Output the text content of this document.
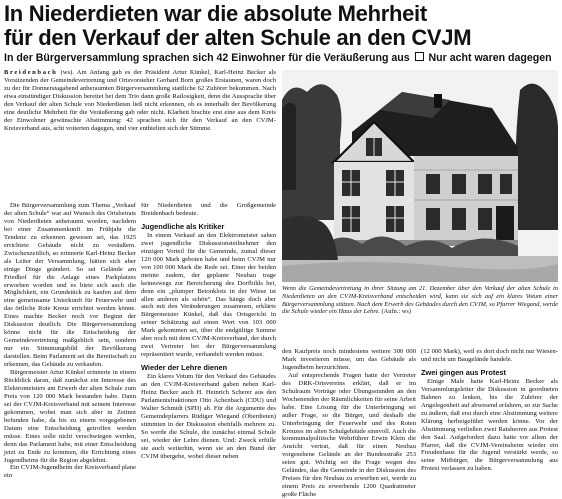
In Niederdieten war die absolute Mehrheit
für den Verkauf der alten Schule an den CVJM

In der Bürgerversammlung sprachen sich 42 Einwohner für die Veräußerung aus Nur acht waren dagegen

Breidenbach (ws). Am Anfang gab es der Präsident Artur Künkel, Karl-Heinz Becker als Vorsitzenden der Gemeindevertretung und Ortsvorsteher Gerhard Born großes Erstaunen, waren doch zu der für Donnerstagabend anberaumten Bürgerversammlung stattliche 62 Zuhörer bekommen. Nach etwa einstündiger Diskussion bereitet bei dem Trio dann große Ratlosigkeit, denn die Aussprache über den Verkauf der alten Schule von Niederdieten ließ nicht erkennen, ob es innerhalb der Bevölkerung eine deutliche Mehrheit für die Veräußerung gab oder nicht. Klarheit brachte erst eine aus dem Kreis der Einwohner gewünschte Abstimmung: 42 sprachen sich für den Verkauf an den CVJM-Kreisverband aus, acht votierten dagegen, und vier enthielten sich der Stimme.

Die Bürgerversammlung zum Thema „Verkauf der alten Schule“ war auf Wunsch des Ortsbeirats von Niederdieten anberaumt worden, nachdem bei einer Zusammenkunft im Frühjahr die Tendenz zu erkennen gewesen sei, das 1925 errichtete Gebäude nicht zu veräußern. Zwischenzeitlich, so erinnerte Karl-Heinz Becker als Leiter der Versammlung, hätten sich aber einige Dinge geändert. So sei Gelände am Friedhof für die Anlage eines Parkplatzes erworben worden und es biete sich auch die Möglichkeit, ein Grundstück zu kaufen auf dem eine gemeinsame Unterkunft für Feuerwehr und das örtliche Rote Kreuz errichtet werden könne. Eines machte Becker noch vor Beginn der Diskussion deutlich: Die Bürgerversammlung könne nicht für die Entscheidung der Gemeindevertretung maßgeblich sein, sondern nur ein Stimmungsbild der Bevölkerung darstellen. Beim Parlament sei die Bereitschaft zu erkennen, das Gebäude zu verkaufen.

Bürgermeister Artur Künkel erinnerte in einem Rückblick daran, daß zunächst ein Interesse des Elektromeisters am Erwerb der alten Schule zum Preis von 120 000 Mark bestanden habe. Dann sei der CVJM-Kreisverband mit seinem Interesse gekommen, wobei man sich aber in Zeitnot befunden habe, da bis zu einem vorgegebenen Datum eine Entscheidung getroffen werden müsse. Eines solle nicht verschwiegen werden, denn das Parlament habe, mit einer Entscheidung jetzt zu Ende zu kommen, die Errichtung eines Jugendheims für die Region abgelehnt.

Ein CVJM-Jugendheim der Kreisverband plane ein

für Niederdieten und die Großgemeinde Breidenbach bedeute.

Jugendliche als Kritiker

In einem Verkauf an den Elektromeister sahen zwei jugendliche Diskussionsteilnehmer den einzigen Vorteil für die Gemeinde, zumal dieser 120 000 Mark geboten habe und beim CVJM nur von 100 000 Mark die Rede sei. Einer der beiden meinte zudem, der geplante Neubau trage keineswegs zur Bereicherung des Dorfbilds bei, denn ein „plumper Betonklotz in der Wiese ist allen anderen als schön“. Das hänge doch aber auch mit den Veränderungen zusammen, erklärte Bürgermeister Künkel, daß das Ortsgericht in seiner Schätzung auf einen Wert von 103 000 Mark gekommen sei, über die endgültige Summe aber noch mit dem CVJM-Kreisverband, der durch zwei Vertreter bei der Bürgerversammlung repräsentiert wurde, verhandelt werden müsse.

Wieder der Lehre dienen

Ein klares Votum für den Verkauf des Gebäudes an den CVJM-Kreisverband gaben neben Karl-Heinz Becker auch H. Heinrich Scherer aus den Parlamentsfraktionen Otto Achenbach (CDU) und Walter Schmidt (SPD) ab. Für die Argumente des Gemeindepfarrers Rüdiger Wiegand (Oberdieten) stimmten in der Diskussion ebenfalls mehrere zu. So werde die Schule, die zunächst einmal Schule sei, wieder der Lehre dienen. Und: Zweck erfülle sie auch weiterhin, wenn sie an den Bund der CVJM übergehe, wobei dieser neben

Wenn die Gemeindevertretung in ihrer Sitzung am 21. Dezember über den Verkauf der alten Schule in Niederdieten an den CVJM-Kreisverband entscheiden wird, kann sie sich auf ein klares Votum einer Bürgerversammlung stützen. Nach dem Erwerb des Gebäudes durch den CVJM, so Pfarrer Wiegand, werde die Schule wieder ein Haus der Lehre. (Aufn.: ws)

den Kaufpreis noch mindestens weitere 300 000 Mark investieren müsse, um das Gebäude als Jugendheim herzurichten.

Auf entsprechende Fragen hatte der Vertreter des DRK-Ortsvereins erklärt, daß er im Schulraum Vorträge oder Übungsstunden an den Wochenenden der Räumlichkeiten für seine Arbeit habe. Eine Lösung für die Unterbringung sei außer Frage, so die Bürger, und deshalb die Unterbringung der Feuerwehr und des Roten Kreuzes im alten Schulgebäude sinnvoll. Auch die kommunalpolitische Wehrführer Erwin Klein die Ansicht vertrat, daß für einen Neubau vorgesehene Gelände an der Bundesstraße 253 seien gut. Wichtig sei die Frage wegen des Geländes, das die Gemeinde in der Diskussion des Preises für den Neubau zu erwerben sei, werde zu einem Preis zu erwerbende 1200 Quadratmeter große Fläche

(12 000 Mark), weil es dort doch nicht nur Wiesen- und nicht um Baugelände handele.

Zwei gingen aus Protest

Einige Male hatte Karl-Heinz Becker als Versammlungsleiter die Diskussion in geordneten Bahnen zu lenken, bis die Zuhörer der Angelegenheit auf abwesend erfahren, so zur Sache zu äußern, daß erst durch eine Abstimmung weitere Klärung herbeigeführt werden könne. Vor der Abstimmung verließen zwei Ratsherren aus Protest den Saal. Aufgefordert dazu hatte vor allem der Pfarrer, daß die CVJM-Vereinsheim wieder ein Freudenhaus für die Jugend verstärkt werde, so seine Mitbürger, die Bürgerversammlung aus Protest verlassen zu haben.
